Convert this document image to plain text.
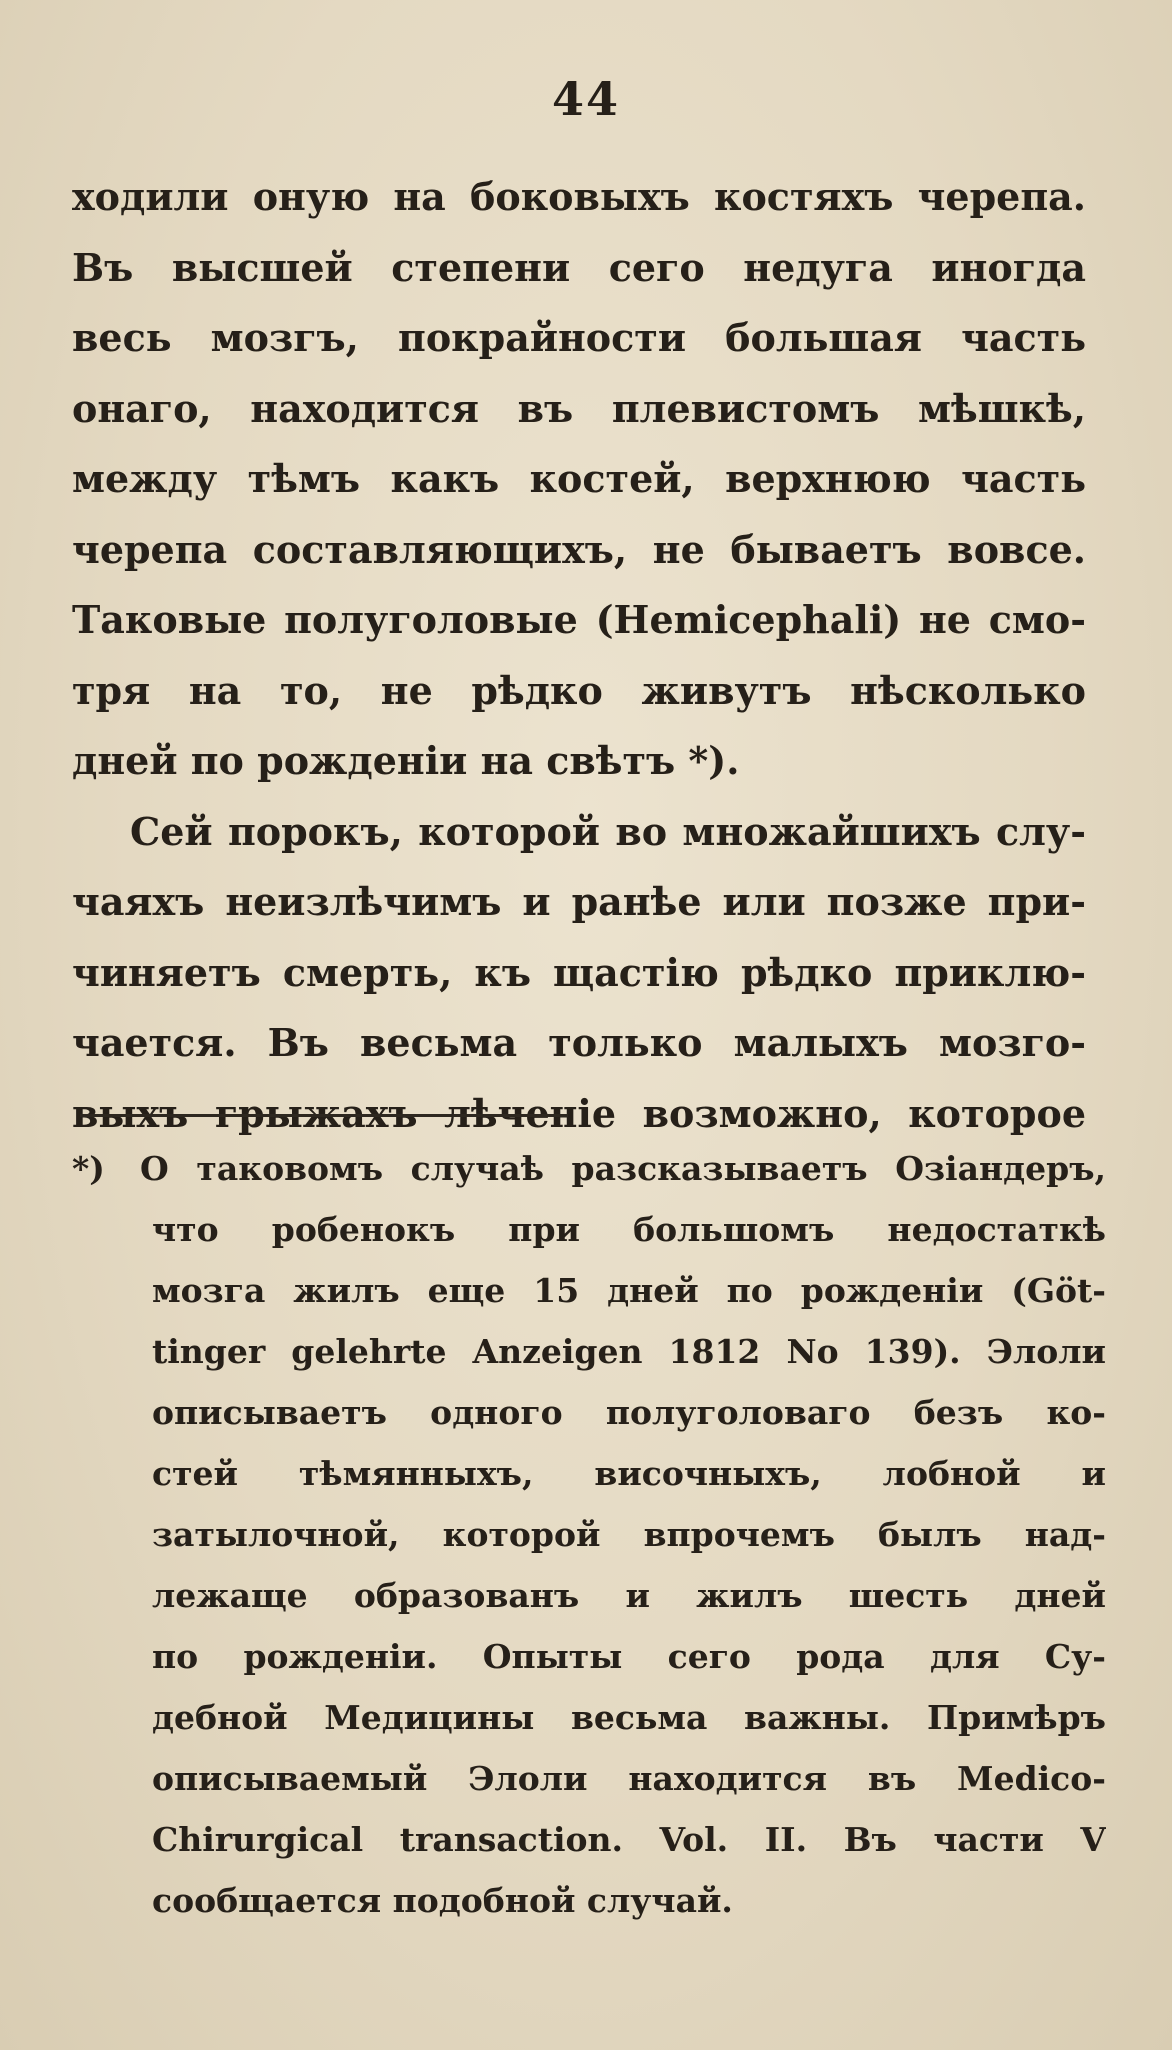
44
ходили оную на боковыхъ костяхъ черепа.
Въ высшей степени сего недуга иногда
весь мозгъ, покрайности большая часть
онаго, находится въ плевистомъ мѣшкѣ,
между тѣмъ какъ костей, верхнюю часть
черепа составляющихъ, не бываетъ вовсе.
Таковые полуголовые (Hemicephali) не смо-
тря на то, не рѣдко живутъ нѣсколько
дней по рожденіи на свѣтъ *).
Сей порокъ, которой во множайшихъ слу-
чаяхъ неизлѣчимъ и ранѣе или позже при-
чиняетъ смерть, къ щастію рѣдко приклю-
чается. Въ весьма только малыхъ мозго-
выхъ грыжахъ лѣченіе возможно, которое
*) О таковомъ случаѣ разсказываетъ Озіандеръ,
что робенокъ при большомъ недостаткѣ
мозга жилъ еще 15 дней по рожденіи (Göt-
tinger gelehrte Anzeigen 1812 No 139). Элоли
описываетъ одного полуголоваго безъ ко-
стей тѣмянныхъ, височныхъ, лобной и
затылочной, которой впрочемъ былъ над-
лежаще образованъ и жилъ шесть дней
по рожденіи. Опыты сего рода для Су-
дебной Медицины весьма важны. Примѣръ
описываемый Элоли находится въ Medico-
Chirurgical transaction. Vol. II. Въ части V
сообщается подобной случай.
